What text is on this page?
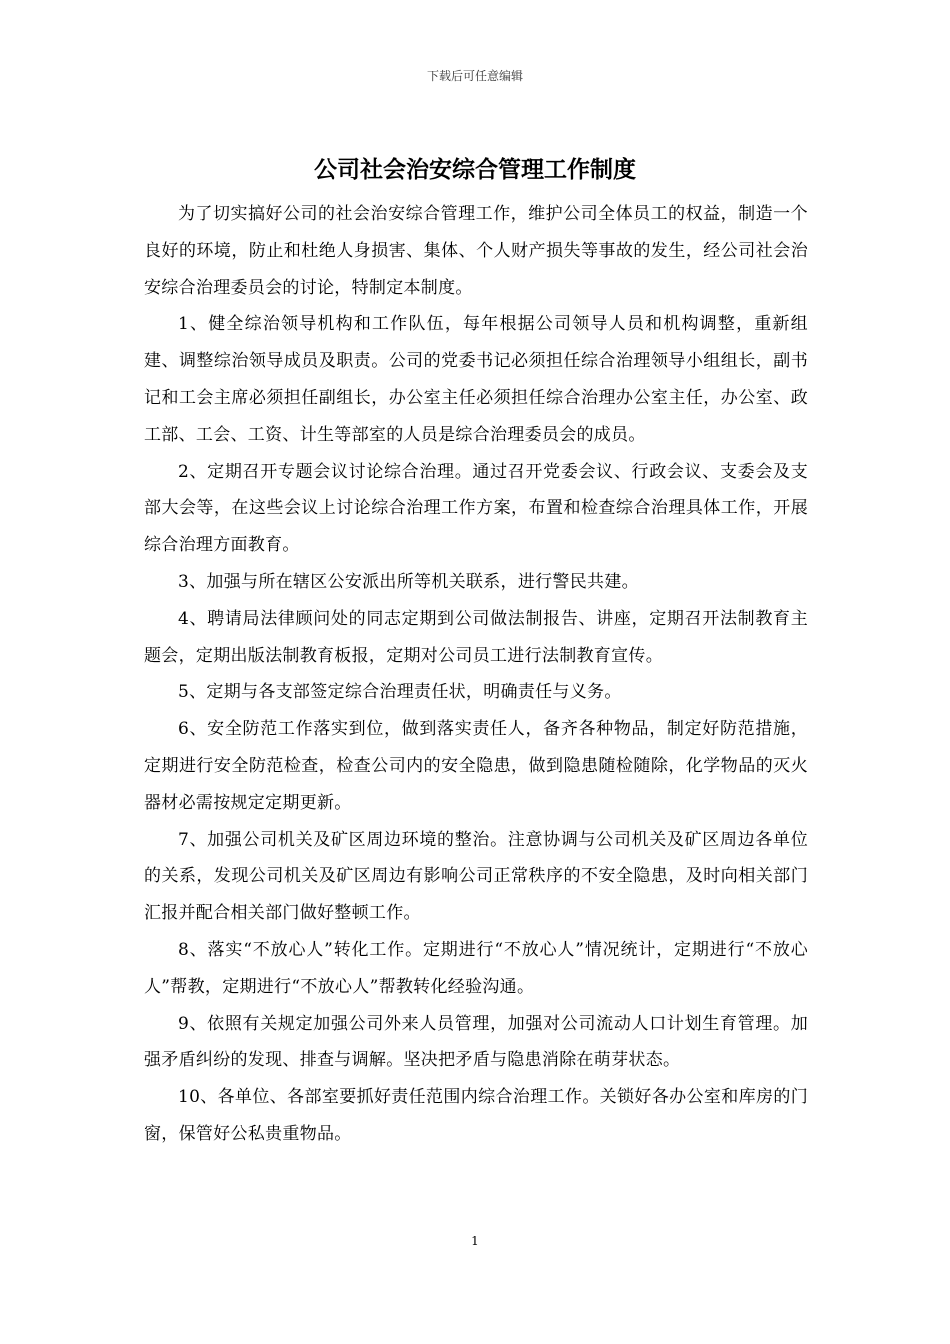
下载后可任意编辑
公司社会治安综合管理工作制度

为了切实搞好公司的社会治安综合管理工作，维护公司全体员工的权益，制造一个良好的环境，防止和杜绝人身损害、集体、个人财产损失等事故的发生，经公司社会治安综合治理委员会的讨论，特制定本制度。

1、健全综治领导机构和工作队伍，每年根据公司领导人员和机构调整，重新组建、调整综治领导成员及职责。公司的党委书记必须担任综合治理领导小组组长，副书记和工会主席必须担任副组长，办公室主任必须担任综合治理办公室主任，办公室、政工部、工会、工资、计生等部室的人员是综合治理委员会的成员。

2、定期召开专题会议讨论综合治理。通过召开党委会议、行政会议、支委会及支部大会等，在这些会议上讨论综合治理工作方案，布置和检查综合治理具体工作，开展综合治理方面教育。

3、加强与所在辖区公安派出所等机关联系，进行警民共建。

4、聘请局法律顾问处的同志定期到公司做法制报告、讲座，定期召开法制教育主题会，定期出版法制教育板报，定期对公司员工进行法制教育宣传。

5、定期与各支部签定综合治理责任状，明确责任与义务。

6、安全防范工作落实到位，做到落实责任人，备齐各种物品，制定好防范措施，定期进行安全防范检查，检查公司内的安全隐患，做到隐患随检随除，化学物品的灭火器材必需按规定定期更新。

7、加强公司机关及矿区周边环境的整治。注意协调与公司机关及矿区周边各单位的关系，发现公司机关及矿区周边有影响公司正常秩序的不安全隐患，及时向相关部门汇报并配合相关部门做好整顿工作。

8、落实“不放心人”转化工作。定期进行“不放心人”情况统计，定期进行“不放心人”帮教，定期进行“不放心人”帮教转化经验沟通。

9、依照有关规定加强公司外来人员管理，加强对公司流动人口计划生育管理。加强矛盾纠纷的发现、排查与调解。坚决把矛盾与隐患消除在萌芽状态。

10、各单位、各部室要抓好责任范围内综合治理工作。关锁好各办公室和库房的门窗，保管好公私贵重物品。

1
